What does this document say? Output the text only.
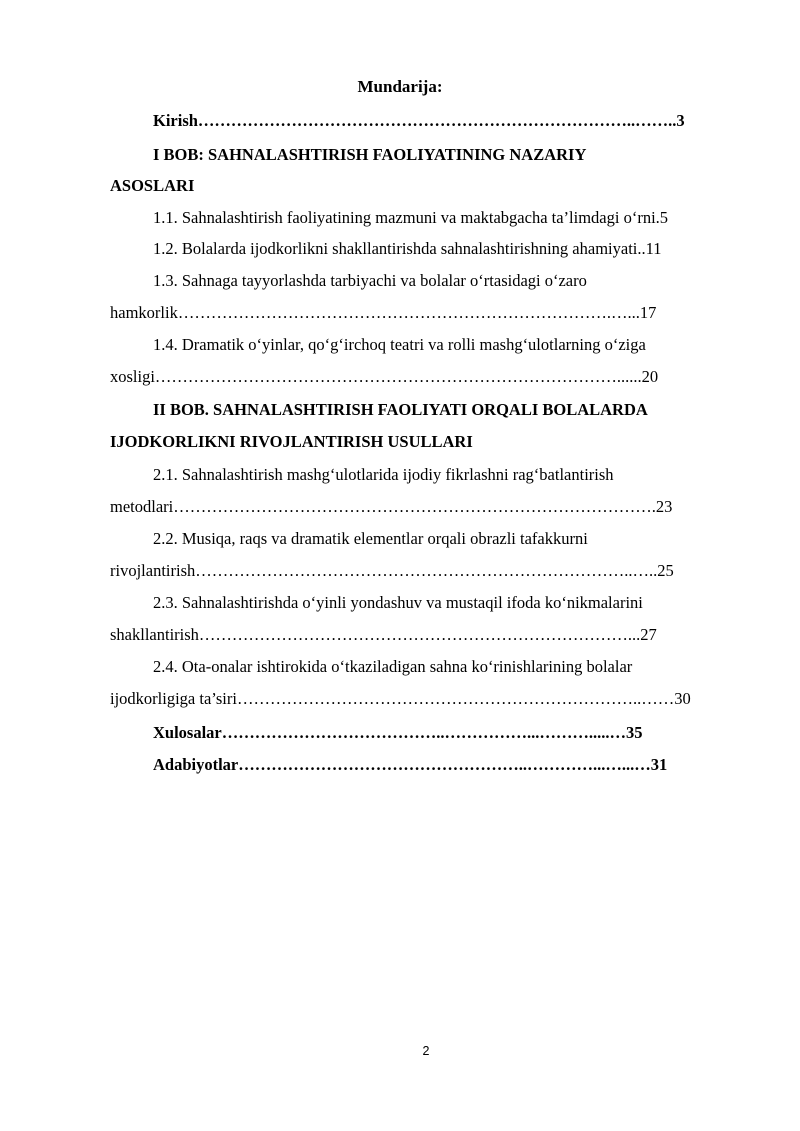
Mundarija:
Kirish……………………………………………………………………..……..3
I BOB: SAHNALASHTIRISH FAOLIYATINING NAZARIY
ASOSLARI
1.1. Sahnalashtirish faoliyatining mazmuni va maktabgacha ta’limdagi oʻrni.5
1.2. Bolalarda ijodkorlikni shakllantirishda sahnalashtirishning ahamiyati..11
1.3. Sahnaga tayyorlashda tarbiyachi va bolalar oʻrtasidagi oʻzaro
hamkorlik…………………………………………………………………….…...17
1.4. Dramatik oʻyinlar, qoʻgʻirchoq teatri va rolli mashgʻulotlarning oʻziga
xosligi…………………………………………………………………………......20
II BOB. SAHNALASHTIRISH FAOLIYATI ORQALI BOLALARDA
IJODKORLIKNI RIVOJLANTIRISH USULLARI
2.1. Sahnalashtirish mashgʻulotlarida ijodiy fikrlashni ragʻbatlantirish
metodlari…………………………………………………………………………….23
2.2. Musiqa, raqs va dramatik elementlar orqali obrazli tafakkurni
rivojlantirish……………………………………………………………………..…..25
2.3. Sahnalashtirishda oʻyinli yondashuv va mustaqil ifoda koʻnikmalarini
shakllantirish……………………………………………………………………...27
2.4. Ota-onalar ishtirokida oʻtkaziladigan sahna koʻrinishlarining bolalar
ijodkorligiga ta’siri………………………………………………………………..……30
Xulosalar…………………………………..……………...……….....…35
Adabiyotlar……………………………………………..…………...…...…31
2
